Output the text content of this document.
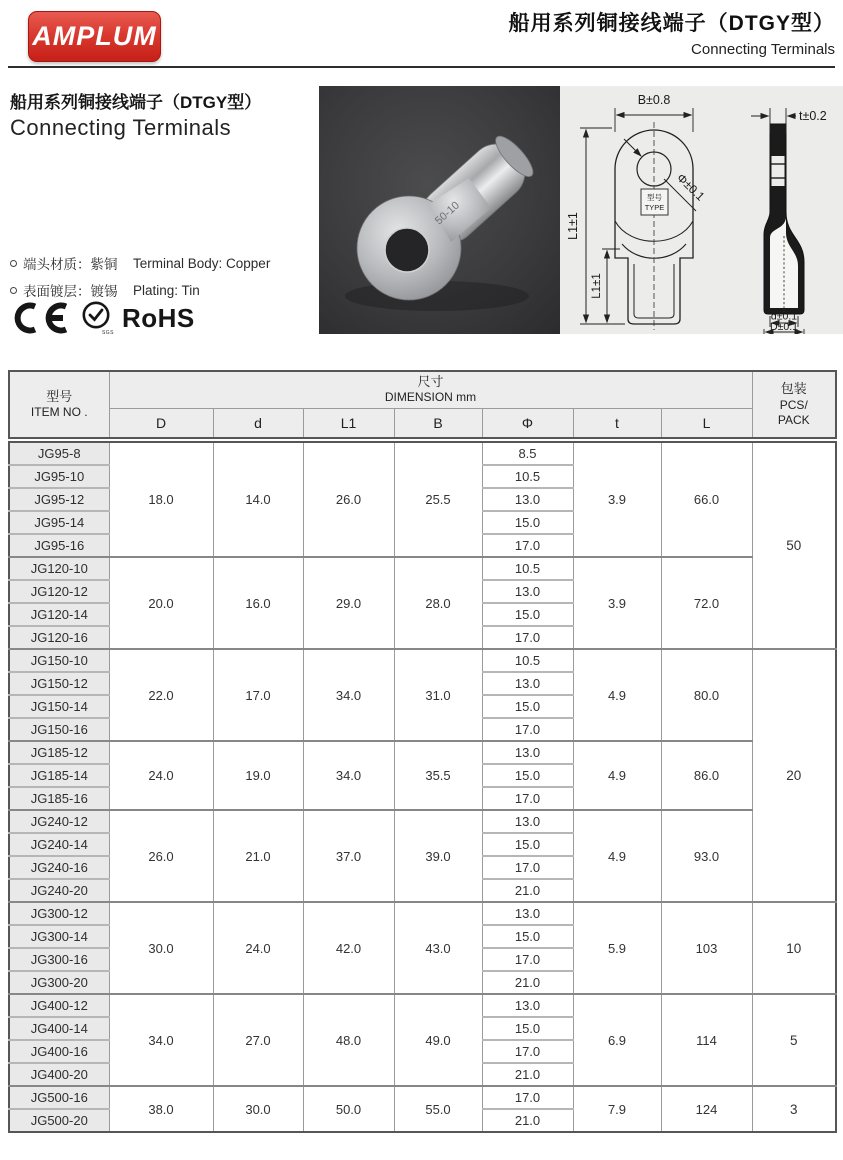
AMPLUM	船用系列铜接线端子（DTGY型）
Connecting Terminals
船用系列铜接线端子（DTGY型）
Connecting Terminals
端头材质：紫铜	Terminal Body: Copper
表面镀层：镀锡	Plating: Tin
SGS
RoHS
50-10
Φ±0.1
型号
TYPE
B±0.8
L1±1
L1±1
t±0.2
d±0.1
D±0.1
型号
ITEM NO .

尺寸
DIMENSION mm

包装
PCS/
PACK

	D	d	L1	B	Φ	t	L	
JG95-8	18.0	14.0	26.0	25.5	8.5	3.9	66.0	50
JG95-10					10.5			
JG95-12					13.0			
JG95-14					15.0			
JG95-16					17.0			
JG120-10	20.0	16.0	29.0	28.0	10.5	3.9	72.0	
JG120-12					13.0			
JG120-14					15.0			
JG120-16					17.0			
JG150-10	22.0	17.0	34.0	31.0	10.5	4.9	80.0	20
JG150-12					13.0			
JG150-14					15.0			
JG150-16					17.0			
JG185-12	24.0	19.0	34.0	35.5	13.0	4.9	86.0	
JG185-14					15.0			
JG185-16					17.0			
JG240-12	26.0	21.0	37.0	39.0	13.0	4.9	93.0	
JG240-14					15.0			
JG240-16					17.0			
JG240-20					21.0			
JG300-12	30.0	24.0	42.0	43.0	13.0	5.9	103	10
JG300-14					15.0			
JG300-16					17.0			
JG300-20					21.0			
JG400-12	34.0	27.0	48.0	49.0	13.0	6.9	114	5
JG400-14					15.0			
JG400-16					17.0			
JG400-20					21.0			
JG500-16	38.0	30.0	50.0	55.0	17.0	7.9	124	3
JG500-20					21.0			
